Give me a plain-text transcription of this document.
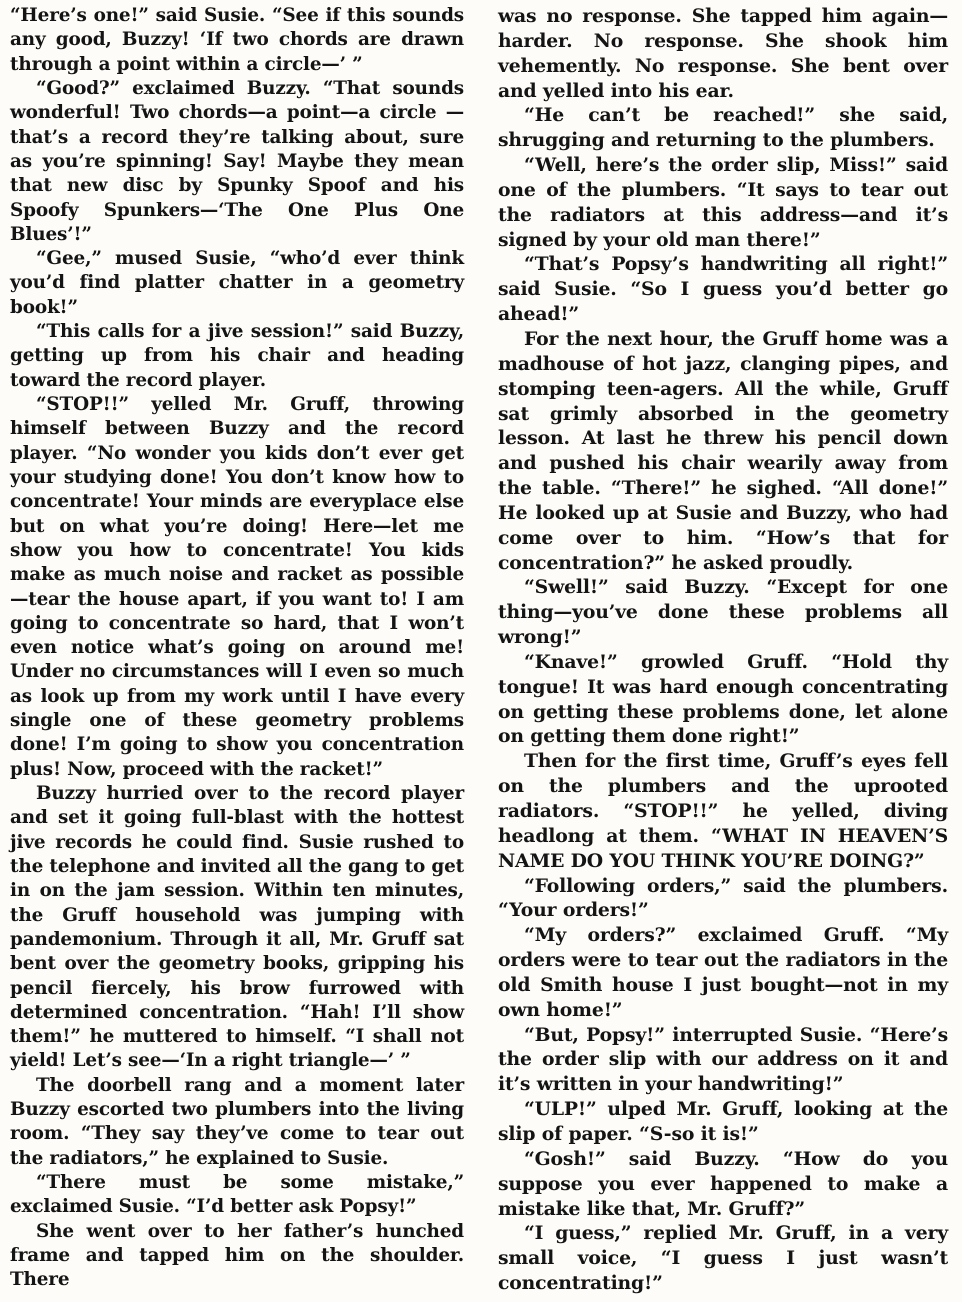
“Here’s one!” said Susie. “See if this sounds any good, Buzzy! ‘If two chords are drawn through a point within a circle—’ ”

“Good?” exclaimed Buzzy. “That sounds wonderful! Two chords—a point—a circle —that’s a record they’re talking about, sure as you’re spinning! Say! Maybe they mean that new disc by Spunky Spoof and his Spoofy Spunkers—‘The One Plus One Blues’!”

“Gee,” mused Susie, “who’d ever think you’d find platter chatter in a geometry book!”

“This calls for a jive session!” said Buzzy, getting up from his chair and heading toward the record player.

“STOP!!” yelled Mr. Gruff, throwing himself between Buzzy and the record player. “No wonder you kids don’t ever get your studying done! You don’t know how to concentrate! Your minds are everyplace else but on what you’re doing! Here—let me show you how to concentrate! You kids make as much noise and racket as possible—tear the house apart, if you want to! I am going to concentrate so hard, that I won’t even notice what’s going on around me! Under no circumstances will I even so much as look up from my work until I have every single one of these geometry problems done! I’m going to show you concentration plus! Now, proceed with the racket!”

Buzzy hurried over to the record player and set it going full-blast with the hottest jive records he could find. Susie rushed to the telephone and invited all the gang to get in on the jam session. Within ten minutes, the Gruff household was jumping with pandemonium. Through it all, Mr. Gruff sat bent over the geometry books, gripping his pencil fiercely, his brow furrowed with determined concentration. “Hah! I’ll show them!” he muttered to himself. “I shall not yield! Let’s see—‘In a right triangle—’ ”

The doorbell rang and a moment later Buzzy escorted two plumbers into the living room. “They say they’ve come to tear out the radiators,” he explained to Susie.

“There must be some mistake,” exclaimed Susie. “I’d better ask Popsy!”

She went over to her father’s hunched frame and tapped him on the shoulder. There

was no response. She tapped him again—harder. No response. She shook him vehemently. No response. She bent over and yelled into his ear.

“He can’t be reached!” she said, shrugging and returning to the plumbers.

“Well, here’s the order slip, Miss!” said one of the plumbers. “It says to tear out the radiators at this address—and it’s signed by your old man there!”

“That’s Popsy’s handwriting all right!” said Susie. “So I guess you’d better go ahead!”

For the next hour, the Gruff home was a madhouse of hot jazz, clanging pipes, and stomping teen-agers. All the while, Gruff sat grimly absorbed in the geometry lesson. At last he threw his pencil down and pushed his chair wearily away from the table. “There!” he sighed. “All done!” He looked up at Susie and Buzzy, who had come over to him. “How’s that for concentration?” he asked proudly.

“Swell!” said Buzzy. “Except for one thing—you’ve done these problems all wrong!”

“Knave!” growled Gruff. “Hold thy tongue! It was hard enough concentrating on getting these problems done, let alone on getting them done right!”

Then for the first time, Gruff’s eyes fell on the plumbers and the uprooted radiators. “STOP!!” he yelled, diving headlong at them. “WHAT IN HEAVEN’S NAME DO YOU THINK YOU’RE DOING?”

“Following orders,” said the plumbers. “Your orders!”

“My orders?” exclaimed Gruff. “My orders were to tear out the radiators in the old Smith house I just bought—not in my own home!”

“But, Popsy!” interrupted Susie. “Here’s the order slip with our address on it and it’s written in your handwriting!”

“ULP!” ulped Mr. Gruff, looking at the slip of paper. “S-so it is!”

“Gosh!” said Buzzy. “How do you suppose you ever happened to make a mistake like that, Mr. Gruff?”

“I guess,” replied Mr. Gruff, in a very small voice, “I guess I just wasn’t concentrating!”
